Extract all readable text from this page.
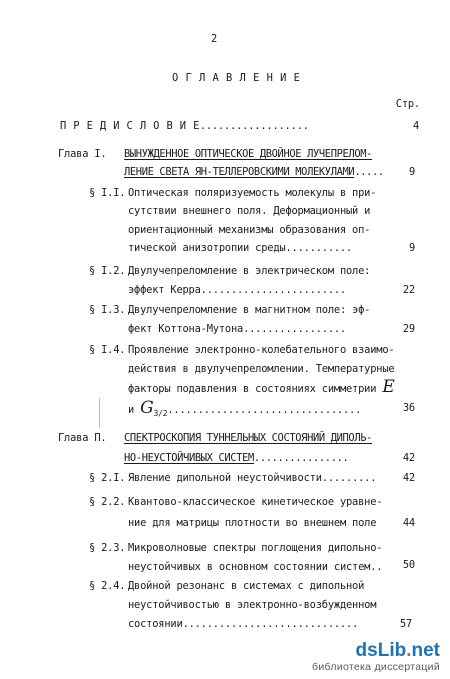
2
О Г Л А В Л Е Н И Е
Стр.
П Р Е Д И С Л О В И Е..................	4
Глава I. ВЫНУЖДЕННОЕ ОПТИЧЕСКОЕ ДВОЙНОЕ ЛУЧЕПРЕЛОМ-
ЛЕНИЕ СВЕТА ЯН-ТЕЛЛЕРОВСКИМИ МОЛЕКУЛАМИ..... 9
§ I.I. Оптическая поляризуемость молекулы в при-
сутствии внешнего поля. Деформационный и
ориентационный механизмы образования оп-
тической анизотропии среды...........	9
§ I.2. Двулучепреломление в электрическом поле:
эффект Керра........................	22
§ I.3. Двулучепреломление в магнитном поле: эф-
фект Коттона-Мутона.................	29
§ I.4. Проявление электронно-колебательного взаимо-
действия в двулучепреломлении. Температурные
факторы подавления в состояниях симметрии E
и $G_{3/2}$................................	36
Глава П. СПЕКТРОСКОПИЯ ТУННЕЛЬНЫХ СОСТОЯНИЙ ДИПОЛЬ-
НО-НЕУСТОЙЧИВЫХ СИСТЕМ................	42
§ 2.I. Явление дипольной неустойчивости.........	42
§ 2.2. Квантово-классическое кинетическое уравне-
ние для матрицы плотности во внешнем поле	44
§ 2.3. Микроволновые спектры поглощения дипольно-
неустойчивых в основном состоянии систем.. 50
§ 2.4. Двойной резонанс в системах с дипольной
неустойчивостью в электронно-возбужденном
состоянии.............................	57
dsLib.net
библиотека диссертаций
